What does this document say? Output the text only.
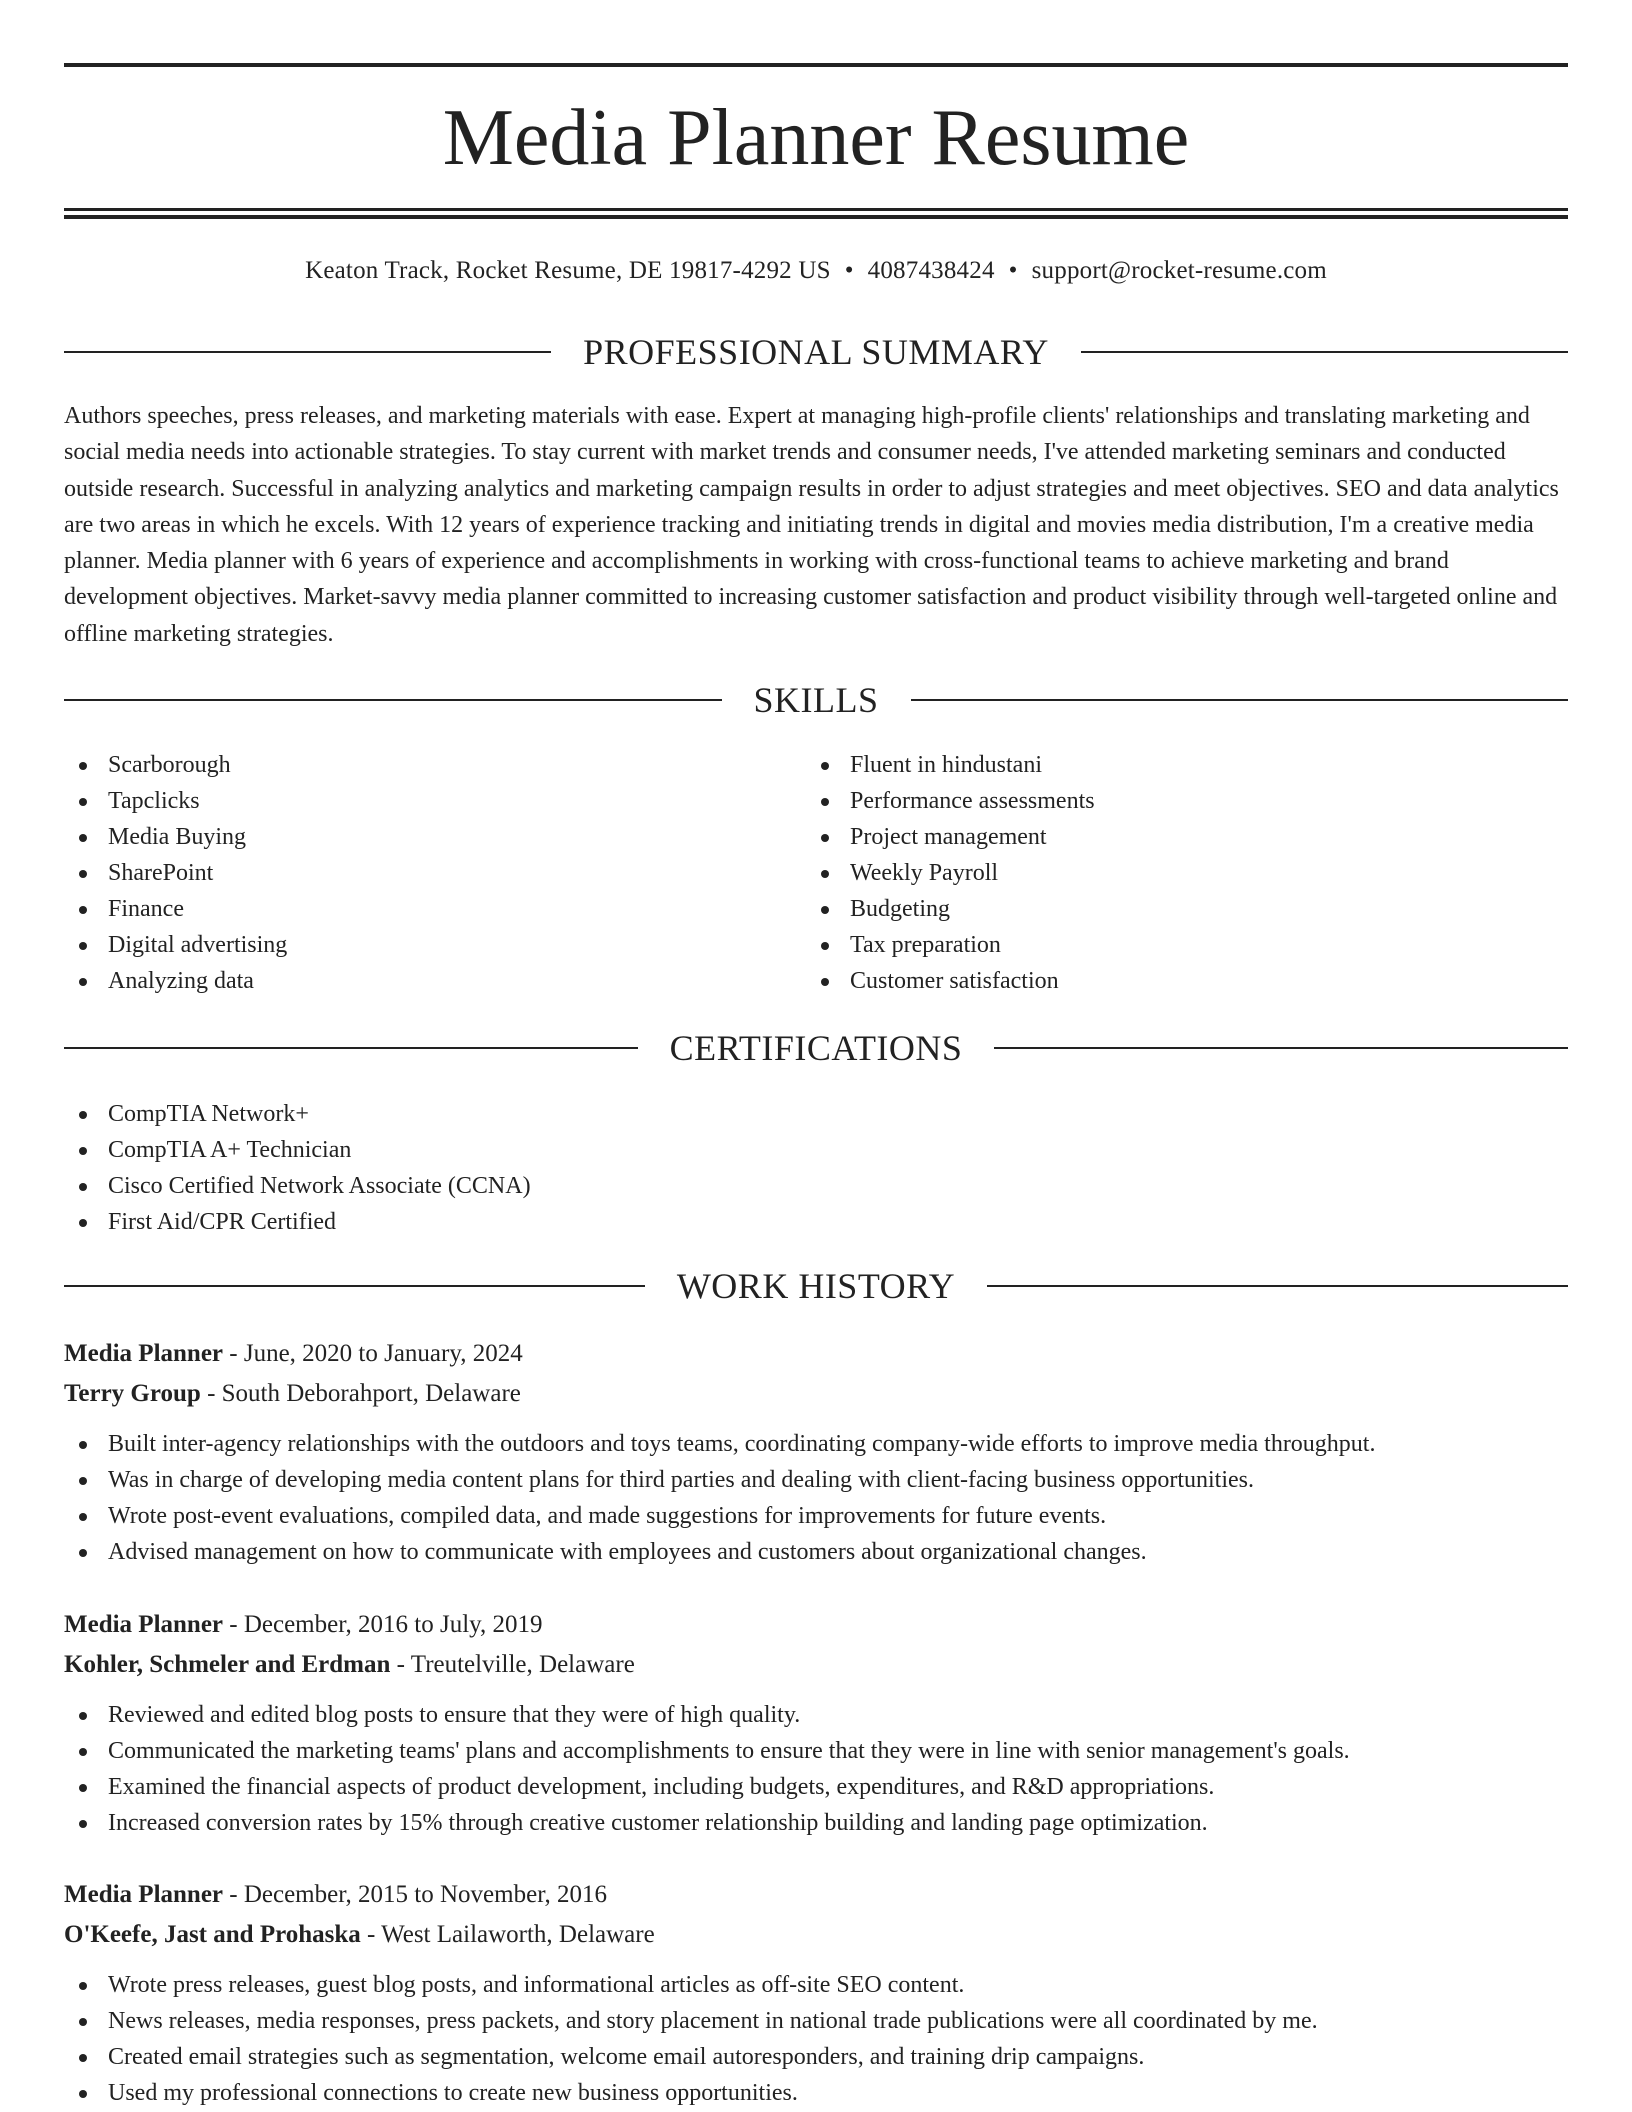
Media Planner Resume
Keaton Track, Rocket Resume, DE 19817-4292 US • 4087438424 • support@rocket-resume.com
PROFESSIONAL SUMMARY

Authors speeches, press releases, and marketing materials with ease. Expert at managing high-profile clients' relationships and translating marketing and social media needs into actionable strategies. To stay current with market trends and consumer needs, I've attended marketing seminars and conducted outside research. Successful in analyzing analytics and marketing campaign results in order to adjust strategies and meet objectives. SEO and data analytics are two areas in which he excels. With 12 years of experience tracking and initiating trends in digital and movies media distribution, I'm a creative media planner. Media planner with 6 years of experience and accomplishments in working with cross-functional teams to achieve marketing and brand development objectives. Market-savvy media planner committed to increasing customer satisfaction and product visibility through well-targeted online and offline marketing strategies.

SKILLS
Scarborough
Tapclicks
Media Buying
SharePoint
Finance
Digital advertising
Analyzing data
Fluent in hindustani
Performance assessments
Project management
Weekly Payroll
Budgeting
Tax preparation
Customer satisfaction
CERTIFICATIONS
CompTIA Network+
CompTIA A+ Technician
Cisco Certified Network Associate (CCNA)
First Aid/CPR Certified
WORK HISTORY
Media Planner - June, 2020 to January, 2024
Terry Group - South Deborahport, Delaware
Built inter-agency relationships with the outdoors and toys teams, coordinating company-wide efforts to improve media throughput.
Was in charge of developing media content plans for third parties and dealing with client-facing business opportunities.
Wrote post-event evaluations, compiled data, and made suggestions for improvements for future events.
Advised management on how to communicate with employees and customers about organizational changes.
Media Planner - December, 2016 to July, 2019
Kohler, Schmeler and Erdman - Treutelville, Delaware
Reviewed and edited blog posts to ensure that they were of high quality.
Communicated the marketing teams' plans and accomplishments to ensure that they were in line with senior management's goals.
Examined the financial aspects of product development, including budgets, expenditures, and R&D appropriations.
Increased conversion rates by 15% through creative customer relationship building and landing page optimization.
Media Planner - December, 2015 to November, 2016
O'Keefe, Jast and Prohaska - West Lailaworth, Delaware
Wrote press releases, guest blog posts, and informational articles as off-site SEO content.
News releases, media responses, press packets, and story placement in national trade publications were all coordinated by me.
Created email strategies such as segmentation, welcome email autoresponders, and training drip campaigns.
Used my professional connections to create new business opportunities.
